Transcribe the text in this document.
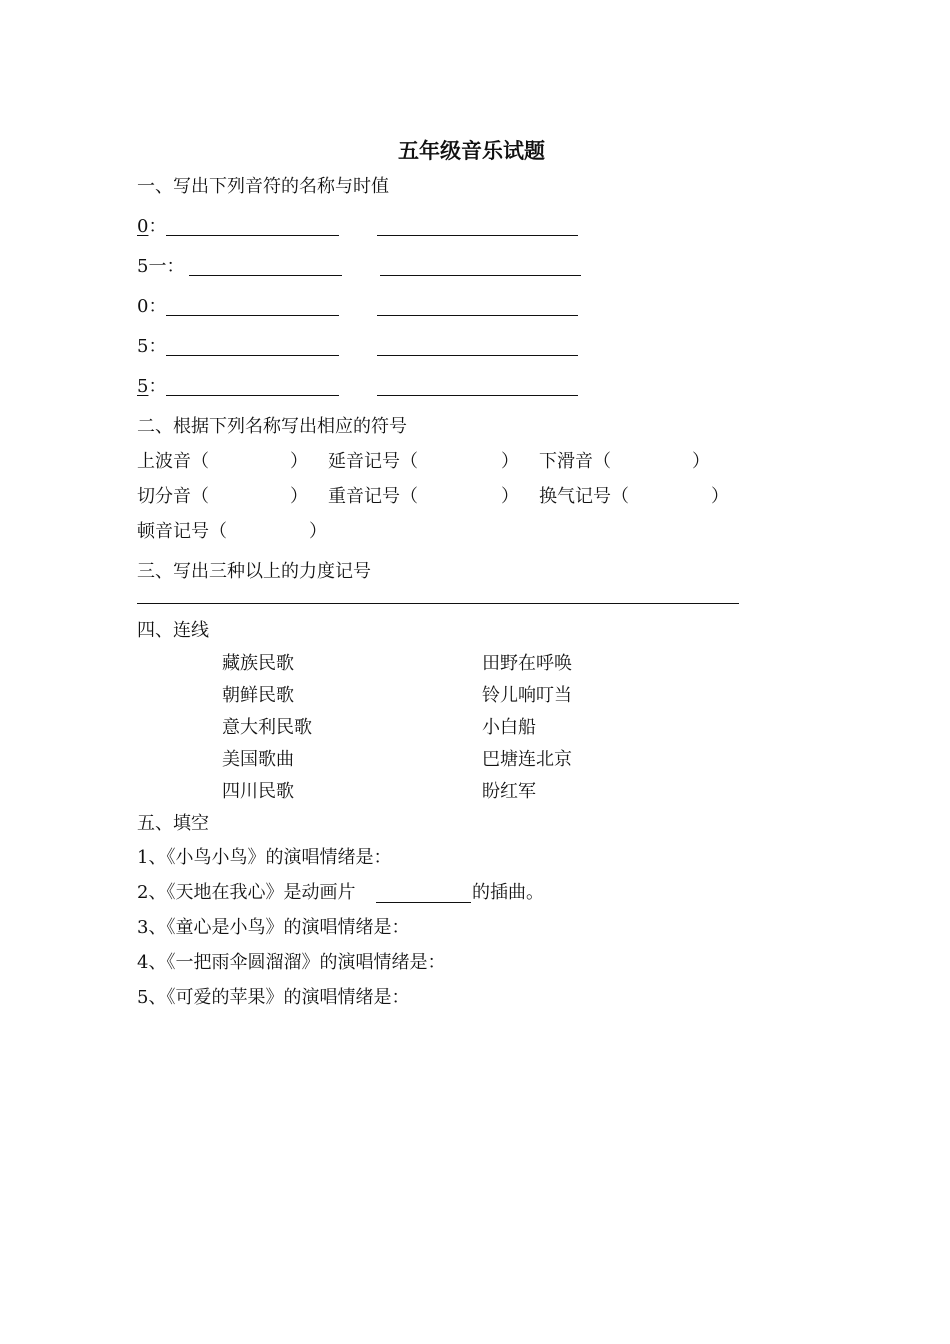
五年级音乐试题
一、写出下列音符的名称与时值
0：
5一：
0：
5：
5：
二、根据下列名称写出相应的符号
上波音（	） 延音记号（	） 下滑音（	）
切分音（	） 重音记号（	） 换气记号（	）
顿音记号（	）
三、写出三种以上的力度记号
四、连线
藏族民歌	田野在呼唤
朝鲜民歌	铃儿响叮当
意大利民歌	小白船
美国歌曲	巴塘连北京
四川民歌	盼红军
五、填空
1、《小鸟小鸟》的演唱情绪是：
2、《天地在我心》是动画片	的插曲。
3、《童心是小鸟》的演唱情绪是：
4、《一把雨伞圆溜溜》的演唱情绪是：
5、《可爱的苹果》的演唱情绪是：
